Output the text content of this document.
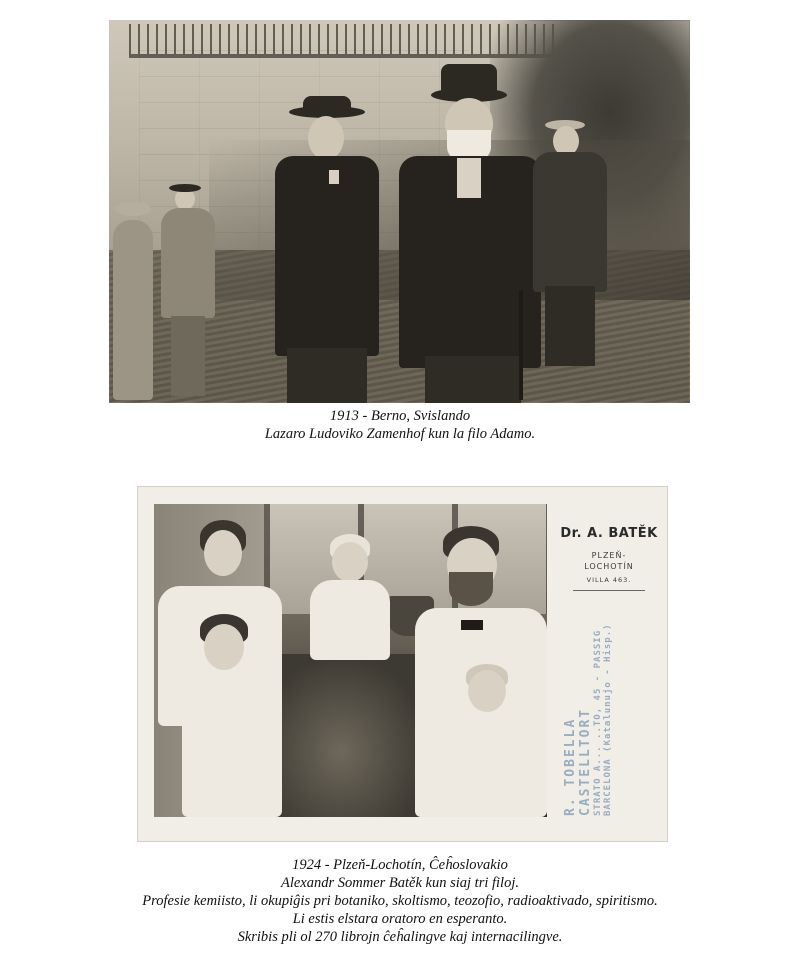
1913 - Berno, Svislando
Lazaro Ludoviko Zamenhof kun la filo Adamo.
Dr. A. BATĚK
PLZEŇ-
LOCHOTÍN
VILLA 463.
R. TOBELLA CASTELLTORT STRATO A... ..TO, 45 - PASSIG BARCELONA (Katalunujo - Hisp.)
1924 - Plzeň-Lochotín, Ĉeĥoslovakio
Alexandr Sommer Batěk kun siaj tri filoj.
Profesie kemiisto, li okupiĝis pri botaniko, skoltismo, teozofio, radioaktivado, spiritismo.
Li estis elstara oratoro en esperanto.
Skribis pli ol 270 librojn ĉeĥalingve kaj internacilingve.
